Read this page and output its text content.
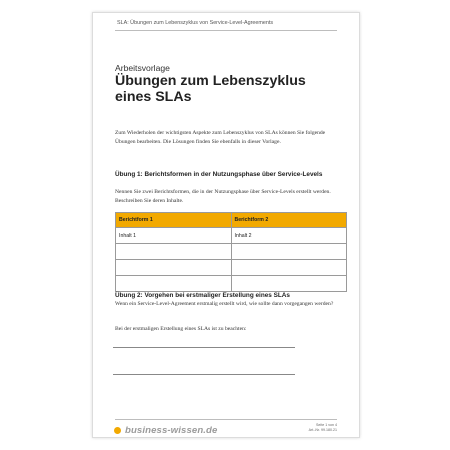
SLA: Übungen zum Lebenszyklus von Service-Level-Agreements
Arbeitsvorlage
Übungen zum Lebenszyklus
eines SLAs
Zum Wiederholen der wichtigsten Aspekte zum Lebenszyklus von SLAs können Sie folgende Übungen bearbeiten. Die Lösungen finden Sie ebenfalls in dieser Vorlage.
Übung 1: Berichtsformen in der Nutzungsphase über Service-Levels
Nennen Sie zwei Berichtsformen, die in der Nutzungsphase über Service-Levels erstellt werden. Beschreiben Sie deren Inhalte.
Berichtform 1	Berichtform 2
Inhalt 1	Inhalt 2

Übung 2: Vorgehen bei erstmaliger Erstellung eines SLAs
Wenn ein Service-Level-Agreement erstmalig erstellt wird, wie sollte dann vorgegangen werden?
Bei der erstmaligen Erstellung eines SLAs ist zu beachten:
business-wissen.de	Seite 1 von 4
Art.-Nr. 99.180.21
